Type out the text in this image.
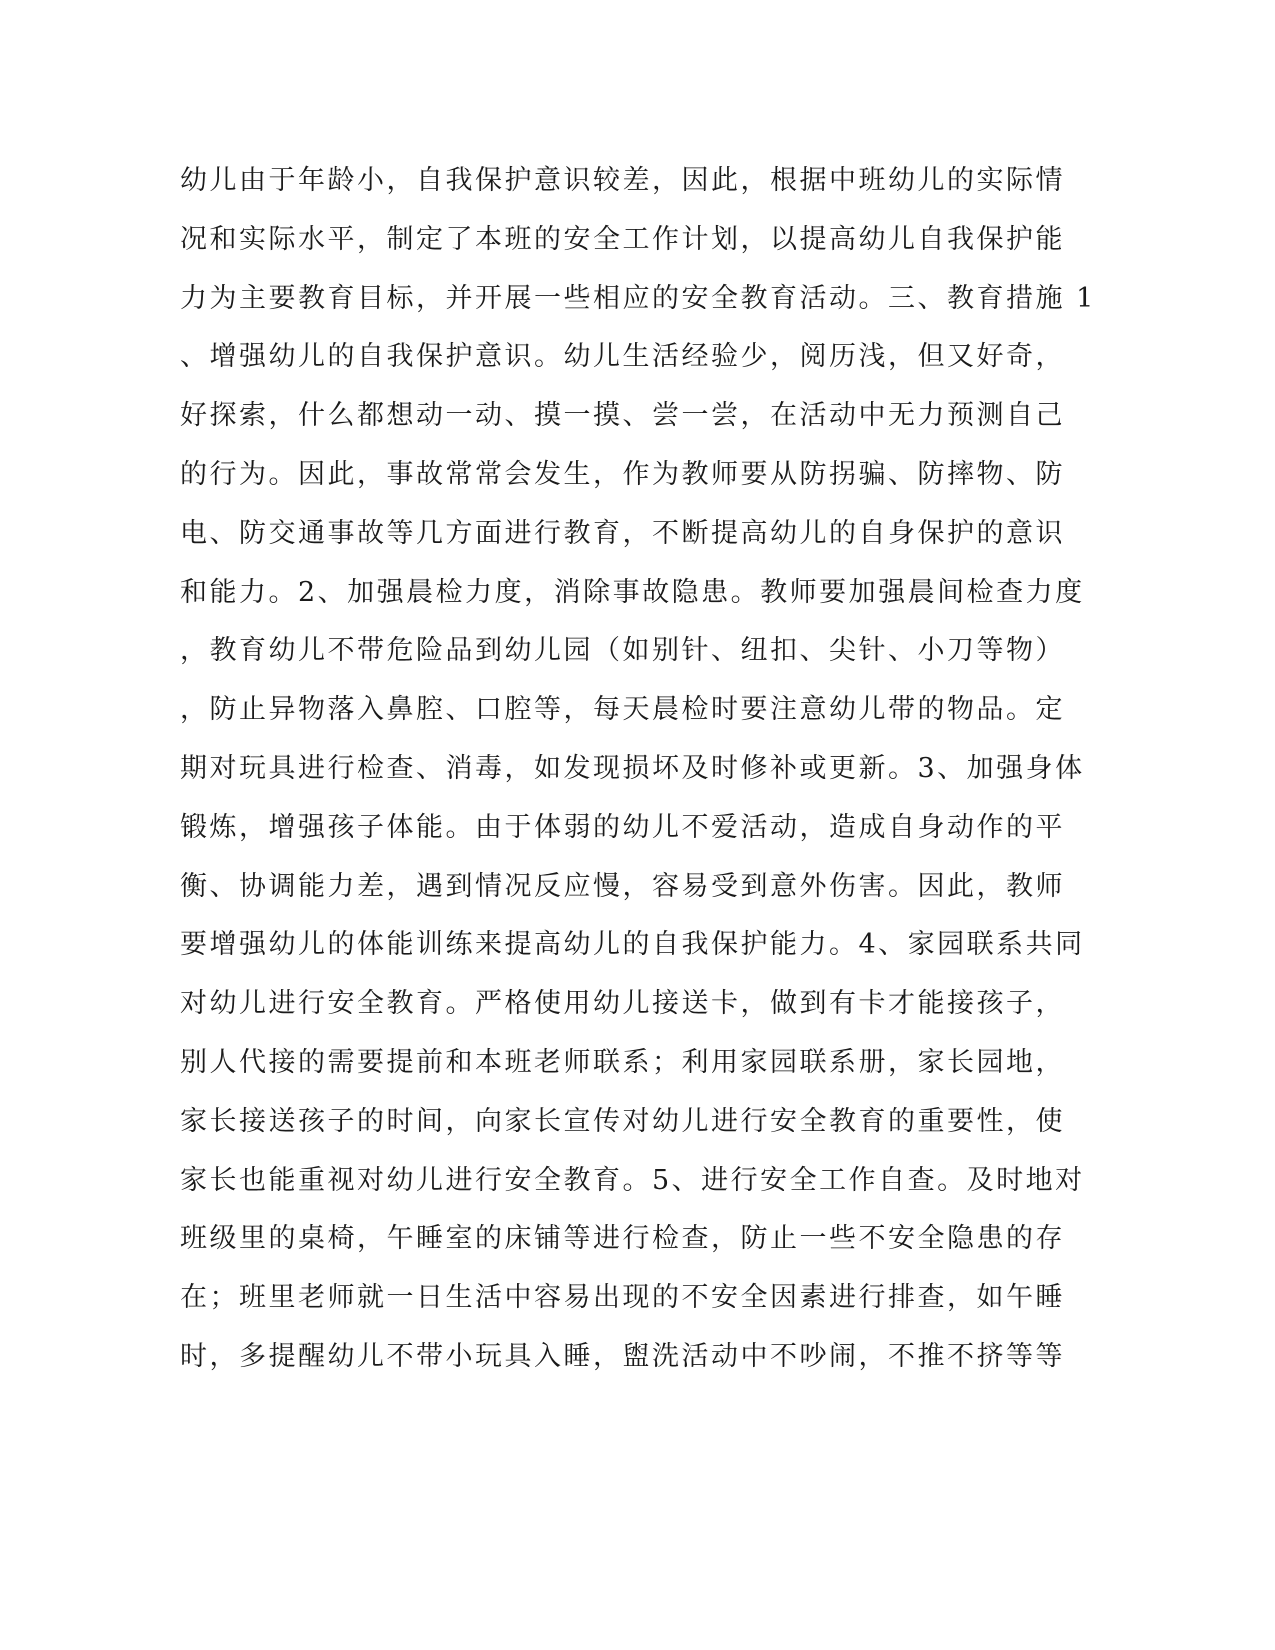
幼儿由于年龄小，自我保护意识较差，因此，根据中班幼儿的实际情
况和实际水平，制定了本班的安全工作计划，以提高幼儿自我保护能
力为主要教育目标，并开展一些相应的安全教育活动。三、教育措施 1
、增强幼儿的自我保护意识。幼儿生活经验少，阅历浅，但又好奇，
好探索，什么都想动一动、摸一摸、尝一尝，在活动中无力预测自己
的行为。因此，事故常常会发生，作为教师要从防拐骗、防摔物、防
电、防交通事故等几方面进行教育，不断提高幼儿的自身保护的意识
和能力。2、加强晨检力度，消除事故隐患。教师要加强晨间检查力度
，教育幼儿不带危险品到幼儿园（如别针、纽扣、尖针、小刀等物）
，防止异物落入鼻腔、口腔等，每天晨检时要注意幼儿带的物品。定
期对玩具进行检查、消毒，如发现损坏及时修补或更新。3、加强身体
锻炼，增强孩子体能。由于体弱的幼儿不爱活动，造成自身动作的平
衡、协调能力差，遇到情况反应慢，容易受到意外伤害。因此，教师
要增强幼儿的体能训练来提高幼儿的自我保护能力。4、家园联系共同
对幼儿进行安全教育。严格使用幼儿接送卡，做到有卡才能接孩子，
别人代接的需要提前和本班老师联系；利用家园联系册，家长园地，
家长接送孩子的时间，向家长宣传对幼儿进行安全教育的重要性，使
家长也能重视对幼儿进行安全教育。5、进行安全工作自查。及时地对
班级里的桌椅，午睡室的床铺等进行检查，防止一些不安全隐患的存
在；班里老师就一日生活中容易出现的不安全因素进行排查，如午睡
时，多提醒幼儿不带小玩具入睡，盥洗活动中不吵闹，不推不挤等等
